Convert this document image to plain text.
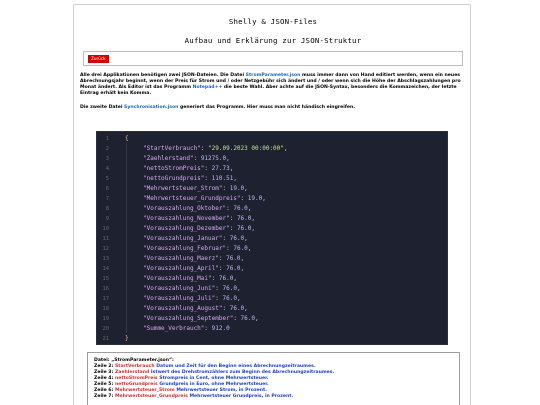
Shelly & JSON-Files
Aufbau und Erklärung zur JSON-Struktur
Zurück
Alle drei Applikationen benötigen zwei JSON-Dateien. Die Datei StromParameter.json muss immer dann von Hand editiert werden, wenn ein neues Abrechnungsjahr beginnt, wenn der Preis für Strom und / oder Netzgebühr sich ändert und / oder wenn sich die Höhe der Abschlagszahlungen pro Monat ändert. Als Editor ist das Programm Notepad++ die beste Wahl. Aber achte auf die JSON-Syntax, besonders die Kommazeichen, der letzte Eintrag erhält kein Komma.
Die zweite Datei Synchronisation.json generiert das Programm. Hier muss man nicht händisch eingreifen.
1	{
2	"StartVerbrauch": "29.09.2023 00:00:00",
3	"Zaehlerstand": 91275.0,
4	"nettoStromPreis": 27.73,
5	"nettoGrundpreis": 110.51,
6	"Mehrwertsteuer_Strom": 19.0,
7	"Mehrwertsteuer_Grundpreis": 19.0,
8	"Vorauszahlung_Oktober": 76.0,
9	"Vorauszahlung_November": 76.0,
10	"Vorauszahlung_Dezember": 76.0,
11	"Vorauszahlung_Januar": 76.0,
12	"Vorauszahlung_Februar": 76.0,
13	"Vorauszahlung_Maerz": 76.0,
14	"Vorauszahlung_April": 76.0,
15	"Vorauszahlung_Mai": 76.0,
16	"Vorauszahlung_Juni": 76.0,
17	"Vorauszahlung_Juli": 76.0,
18	"Vorauszahlung_August": 76.0,
19	"Vorauszahlung_September": 76.0,
20	"Summe_Verbrauch": 912.0
21	}
Datei: „StromParameter.json“:
Zeile 2: StartVerbrauch Datum und Zeit für den Beginn eines Abrechnungzeitraumes.
Zeile 3: Zaehlerstand Istwert des Drehstromzählers zum Beginn des Abrechnungzeitraumes.
Zeile 4: nettoStromPreis Strompreis in Cent, ohne Mehrwertsteuer.
Zeile 5: nettoGrundpreis Grundpreis in Euro, ohne Mehrwertsteuer.
Zeile 6: Mehrwertsteuer_Strom Mehrwertsteuer Strom, in Prozent.
Zeile 7: Mehrwertsteuer_Grundpreis Mehrwertsteuer Grundpreis, in Prozent.
